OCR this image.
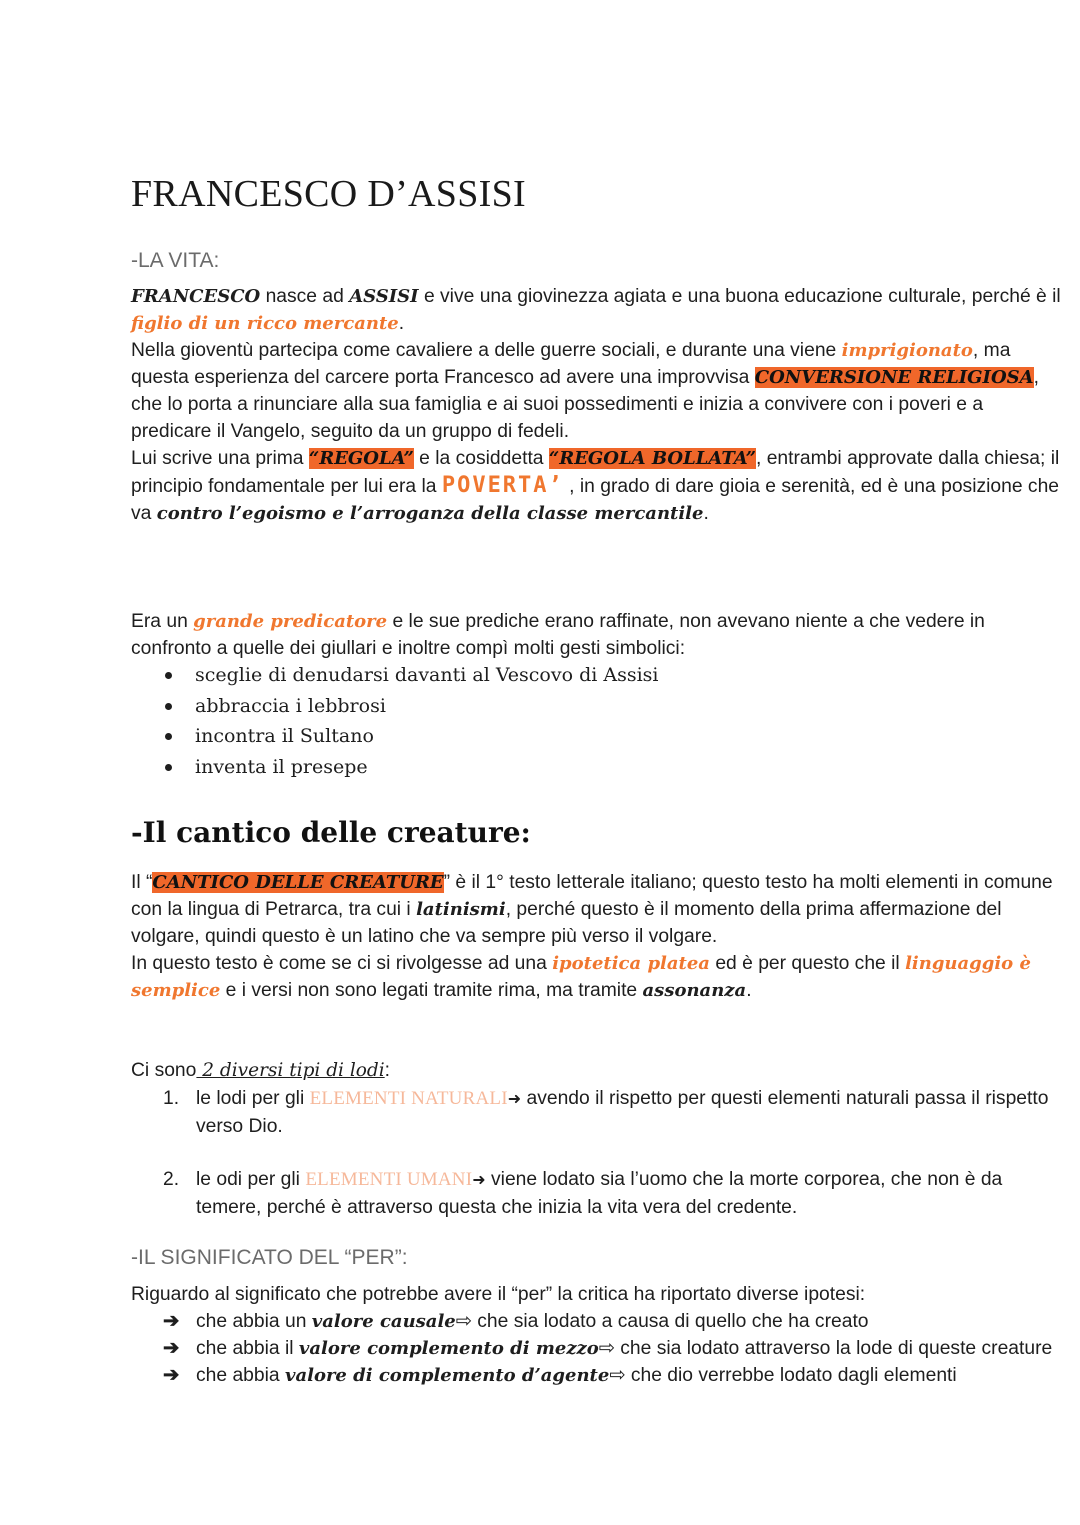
FRANCESCO D’ASSISI
-LA VITA:
FRANCESCO nasce ad ASSISI e vive una giovinezza agiata e una buona educazione culturale, perché è il figlio di un ricco mercante.
Nella gioventù partecipa come cavaliere a delle guerre sociali, e durante una viene imprigionato, ma questa esperienza del carcere porta Francesco ad avere una improvvisa CONVERSIONE RELIGIOSA, che lo porta a rinunciare alla sua famiglia e ai suoi possedimenti e inizia a convivere con i poveri e a predicare il Vangelo, seguito da un gruppo di fedeli.
Lui scrive una prima “REGOLA” e la cosiddetta “REGOLA BOLLATA”, entrambi approvate dalla chiesa; il principio fondamentale per lui era la POVERTA’ , in grado di dare gioia e serenità, ed è una posizione che va contro l’egoismo e l’arroganza della classe mercantile.
Era un grande predicatore e le sue prediche erano raffinate, non avevano niente a che vedere in confronto a quelle dei giullari e inoltre compì molti gesti simbolici:
sceglie di denudarsi davanti al Vescovo di Assisi
abbraccia i lebbrosi
incontra il Sultano
inventa il presepe
-Il cantico delle creature:
Il “CANTICO DELLE CREATURE” è il 1° testo letterale italiano; questo testo ha molti elementi in comune con la lingua di Petrarca, tra cui i latinismi, perché questo è il momento della prima affermazione del volgare, quindi questo è un latino che va sempre più verso il volgare.
In questo testo è come se ci si rivolgesse ad una ipotetica platea ed è per questo che il linguaggio è semplice e i versi non sono legati tramite rima, ma tramite assonanza.
Ci sono 2 diversi tipi di lodi:
1. le lodi per gli ELEMENTI NATURALI➜ avendo il rispetto per questi elementi naturali passa il rispetto verso Dio.
2. le odi per gli ELEMENTI UMANI➜ viene lodato sia l’uomo che la morte corporea, che non è da temere, perché è attraverso questa che inizia la vita vera del credente.
-IL SIGNIFICATO DEL “PER”:
Riguardo al significato che potrebbe avere il “per” la critica ha riportato diverse ipotesi:
➔ che abbia un valore causale⇨ che sia lodato a causa di quello che ha creato
➔ che abbia il valore complemento di mezzo⇨ che sia lodato attraverso la lode di queste creature
➔ che abbia valore di complemento d’agente⇨ che dio verrebbe lodato dagli elementi
